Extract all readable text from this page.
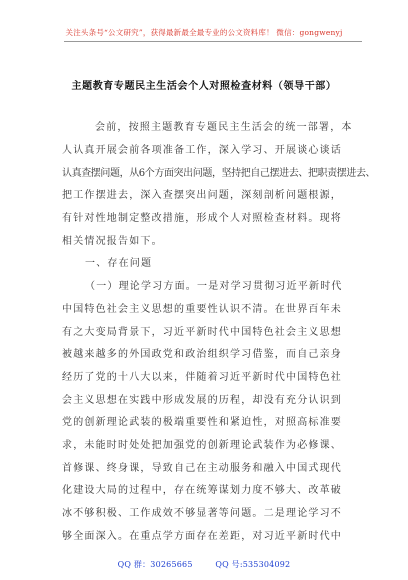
关注头条号“公文研究”，获得最新最全最专业的公文资料库！ 微信：gongwenyj
主题教育专题民主生活会个人对照检查材料（领导干部）
会前，按照主题教育专题民主生活会的统一部署，本
人认真开展会前各项准备工作，深入学习、开展谈心谈话
认真查摆问题，从6个方面突出问题，坚持把自己摆进去、把职责摆进去、
把工作摆进去，深入查摆突出问题，深刻剖析问题根源，
有针对性地制定整改措施，形成个人对照检查材料。现将
相关情况报告如下。
一、存在问题
（一）理论学习方面。一是对学习贯彻习近平新时代
中国特色社会主义思想的重要性认识不清。在世界百年未
有之大变局背景下，习近平新时代中国特色社会主义思想
被越来越多的外国政党和政治组织学习借鉴，而自己亲身
经历了党的十八大以来，伴随着习近平新时代中国特色社
会主义思想在实践中形成发展的历程，却没有充分认识到
党的创新理论武装的极端重要性和紧迫性，对照高标准要
求，未能时时处处把加强党的创新理论武装作为必修课、
首修课、终身课，导致自己在主动服务和融入中国式现代
化建设大局的过程中，存在统筹谋划力度不够大、改革破
冰不够积极、工作成效不够显著等问题。二是理论学习不
够全面深入。在重点学方面存在差距，对习近平新时代中
QQ 群：30265665	QQ 号:535304092
